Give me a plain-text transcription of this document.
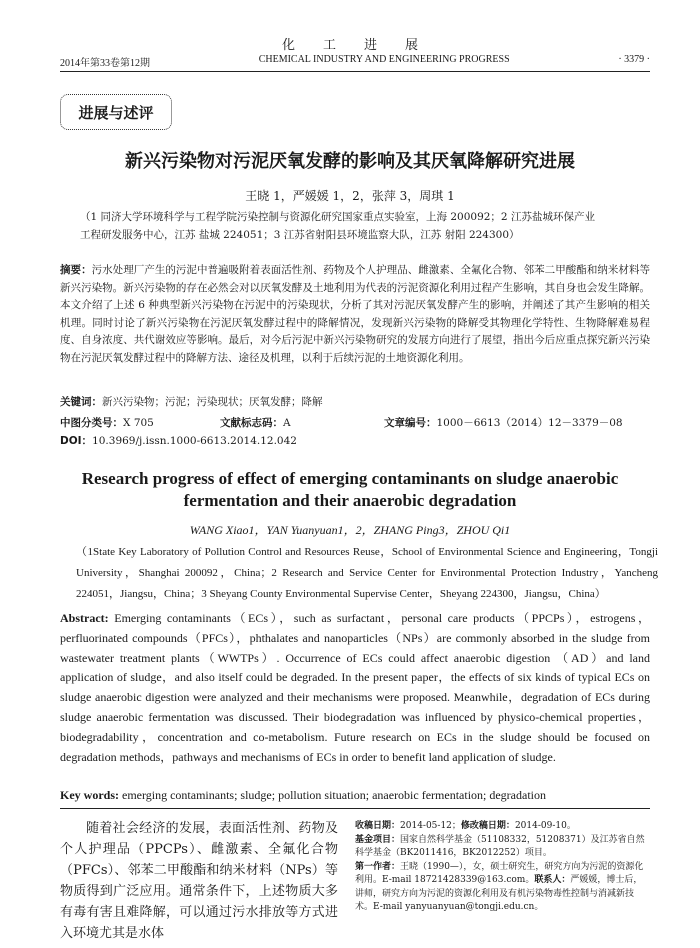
化工进展
2014年第33卷第12期	CHEMICAL INDUSTRY AND ENGINEERING PROGRESS	· 3379 ·
进展与述评
新兴污染物对污泥厌氧发酵的影响及其厌氧降解研究进展
王晓 1，严媛媛 1，2，张萍 3，周琪 1
（1 同济大学环境科学与工程学院污染控制与资源化研究国家重点实验室，上海 200092；2 江苏盐城环保产业
工程研发服务中心，江苏 盐城 224051；3 江苏省射阳县环境监察大队，江苏 射阳 224300）
摘要：污水处理厂产生的污泥中普遍吸附着表面活性剂、药物及个人护理品、雌激素、全氟化合物、邻苯二甲酸酯和纳米材料等新兴污染物。新兴污染物的存在必然会对以厌氧发酵及土地利用为代表的污泥资源化利用过程产生影响，其自身也会发生降解。本文介绍了上述 6 种典型新兴污染物在污泥中的污染现状，分析了其对污泥厌氧发酵产生的影响，并阐述了其产生影响的相关机理。同时讨论了新兴污染物在污泥厌氧发酵过程中的降解情况，发现新兴污染物的降解受其物理化学特性、生物降解难易程度、自身浓度、共代谢效应等影响。最后，对今后污泥中新兴污染物研究的发展方向进行了展望，指出今后应重点探究新兴污染物在污泥厌氧发酵过程中的降解方法、途径及机理，以利于后续污泥的土地资源化利用。
关键词：新兴污染物；污泥；污染现状；厌氧发酵；降解
中图分类号：X 705	文献标志码：A	文章编号：1000－6613（2014）12－3379－08
DOI：10.3969/j.issn.1000-6613.2014.12.042
Research progress of effect of emerging contaminants on sludge anaerobic
fermentation and their anaerobic degradation
WANG Xiao1，YAN Yuanyuan1，2，ZHANG Ping3，ZHOU Qi1
（1State Key Laboratory of Pollution Control and Resources Reuse，School of Environmental Science and Engineering，Tongji University，Shanghai 200092，China；2 Research and Service Center for Environmental Protection Industry，Yancheng 224051，Jiangsu，China；3 Sheyang County Environmental Supervise Center，Sheyang 224300，Jiangsu，China）
Abstract: Emerging contaminants（ECs），such as surfactant，personal care products（PPCPs），estrogens，perfluorinated compounds（PFCs），phthalates and nanoparticles（NPs）are commonly absorbed in the sludge from wastewater treatment plants（WWTPs）. Occurrence of ECs could affect anaerobic digestion （AD）and land application of sludge，and also itself could be degraded. In the present paper，the effects of six kinds of typical ECs on sludge anaerobic digestion were analyzed and their mechanisms were proposed. Meanwhile，degradation of ECs during sludge anaerobic fermentation was discussed. Their biodegradation was influenced by physico-chemical properties，biodegradability，concentration and co-metabolism. Future research on ECs in the sludge should be focused on degradation methods，pathways and mechanisms of ECs in order to benefit land application of sludge.
Key words: emerging contaminants; sludge; pollution situation; anaerobic fermentation; degradation

随着社会经济的发展，表面活性剂、药物及个人护理品（PPCPs）、雌激素、全氟化合物（PFCs）、邻苯二甲酸酯和纳米材料（NPs）等物质得到广泛应用。通常条件下，上述物质大多有毒有害且难降解，可以通过污水排放等方式进入环境尤其是水体

收稿日期：2014-05-12；修改稿日期：2014-09-10。

基金项目：国家自然科学基金（51108332，51208371）及江苏省自然科学基金（BK2011416，BK2012252）项目。

第一作者：王晓（1990—），女，硕士研究生，研究方向为污泥的资源化利用。E-mail 18721428339@163.com。联系人：严媛媛，博士后，讲师，研究方向为污泥的资源化利用及有机污染物毒性控制与消减新技术。E-mail yanyuanyuan@tongji.edu.cn。
